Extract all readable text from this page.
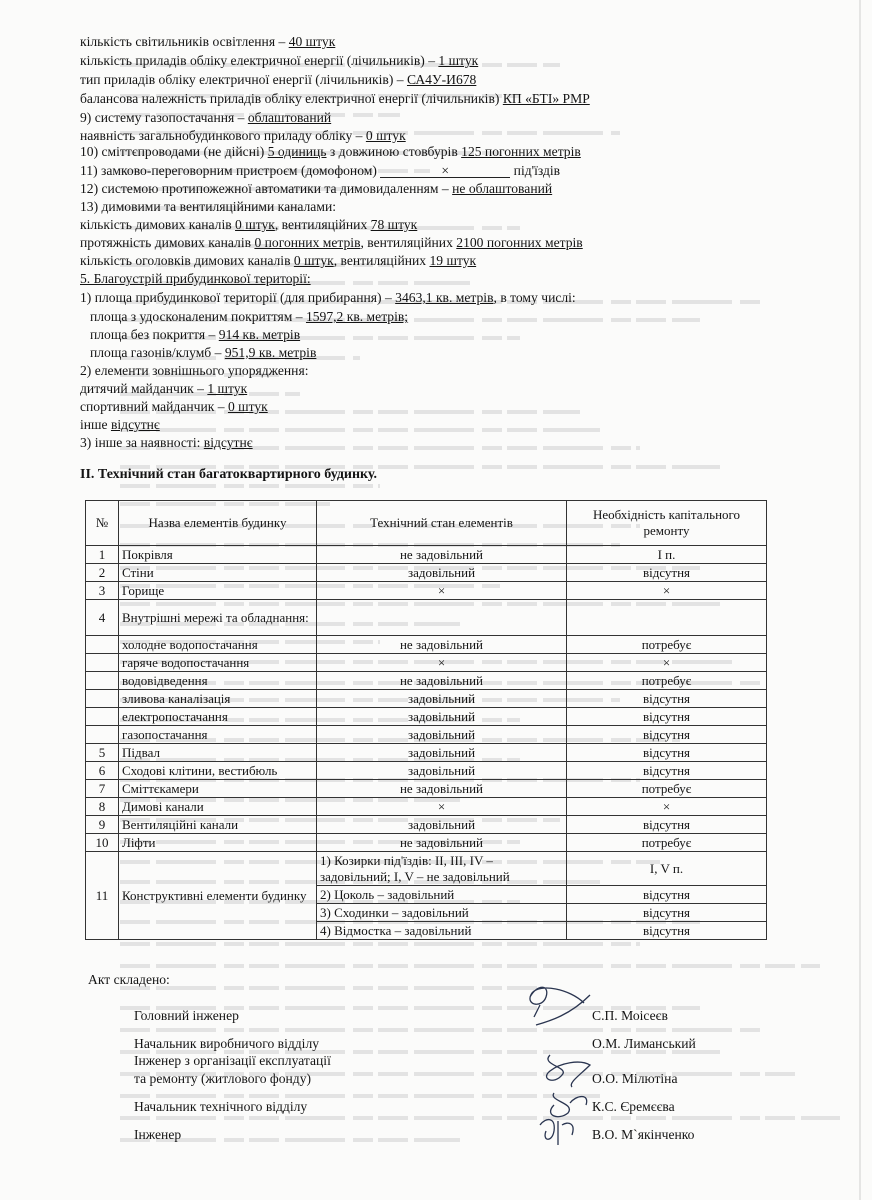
кількість світильників освітлення – 40 штук
кількість приладів обліку електричної енергії (лічильників) – 1 штук
тип приладів обліку електричної енергії (лічильників) – СА4У-И678
балансова належність приладів обліку електричної енергії (лічильників) КП «БТІ» РМР
9) систему газопостачання – облаштований
наявність загальнобудинкового приладу обліку – 0 штук
10) сміттєпроводами (не дійсні) 5 одиниць з довжиною стовбурів 125 погонних метрів
11) замково-переговорним пристроєм (домофоном)	×	під'їздів
12) системою протипожежної автоматики та димовидаленням – не облаштований
13) димовими та вентиляційними каналами:
кількість димових каналів 0 штук, вентиляційних 78 штук
протяжність димових каналів 0 погонних метрів, вентиляційних 2100 погонних метрів
кількість оголовків димових каналів 0 штук, вентиляційних 19 штук
5. Благоустрій прибудинкової території:
1) площа прибудинкової території (для прибирання) – 3463,1 кв. метрів, в тому числі:
площа з удосконаленим покриттям – 1597,2 кв. метрів;
площа без покриття – 914 кв. метрів
площа газонів/клумб – 951,9 кв. метрів
2) елементи зовнішнього упорядження:
дитячий майданчик – 1 штук
спортивний майданчик – 0 штук
інше відсутнє
3) інше за наявності: відсутнє
ІІ. Технічний стан багатоквартирного будинку.
№	Назва елементів будинку	Технічний стан елементів	Необхідність капітального ремонту
1	Покрівля	не задовільний	I п.
2	Стіни	задовільний	відсутня
3	Горище	×	×
4	Внутрішні мережі та обладнання:		
	холодне водопостачання	не задовільний	потребує
	гаряче водопостачання	×	×
	водовідведення	не задовільний	потребує
	зливова каналізація	задовільний	відсутня
	електропостачання	задовільний	відсутня
	газопостачання	задовільний	відсутня
5	Підвал	задовільний	відсутня
6	Сходові клітини, вестибюль	задовільний	відсутня
7	Сміттєкамери	не задовільний	потребує
8	Димові канали	×	×
9	Вентиляційні канали	задовільний	відсутня
10	Ліфти	не задовільний	потребує
11	Конструктивні елементи будинку	1) Козирки під'їздів: II, III, IV – задовільний; I, V – не задовільний	I, V п.
		2) Цоколь – задовільний	відсутня
		3) Сходинки – задовільний	відсутня
		4) Відмостка – задовільний	відсутня
Акт складено:
Головний інженер	С.П. Моісеєв
Начальник виробничого відділу	О.М. Лиманський
Інженер з організації експлуатації
та ремонту (житлового фонду)	О.О. Мілютіна
Начальник технічного відділу	К.С. Єремєєва
Інженер	В.О. М`якінченко
